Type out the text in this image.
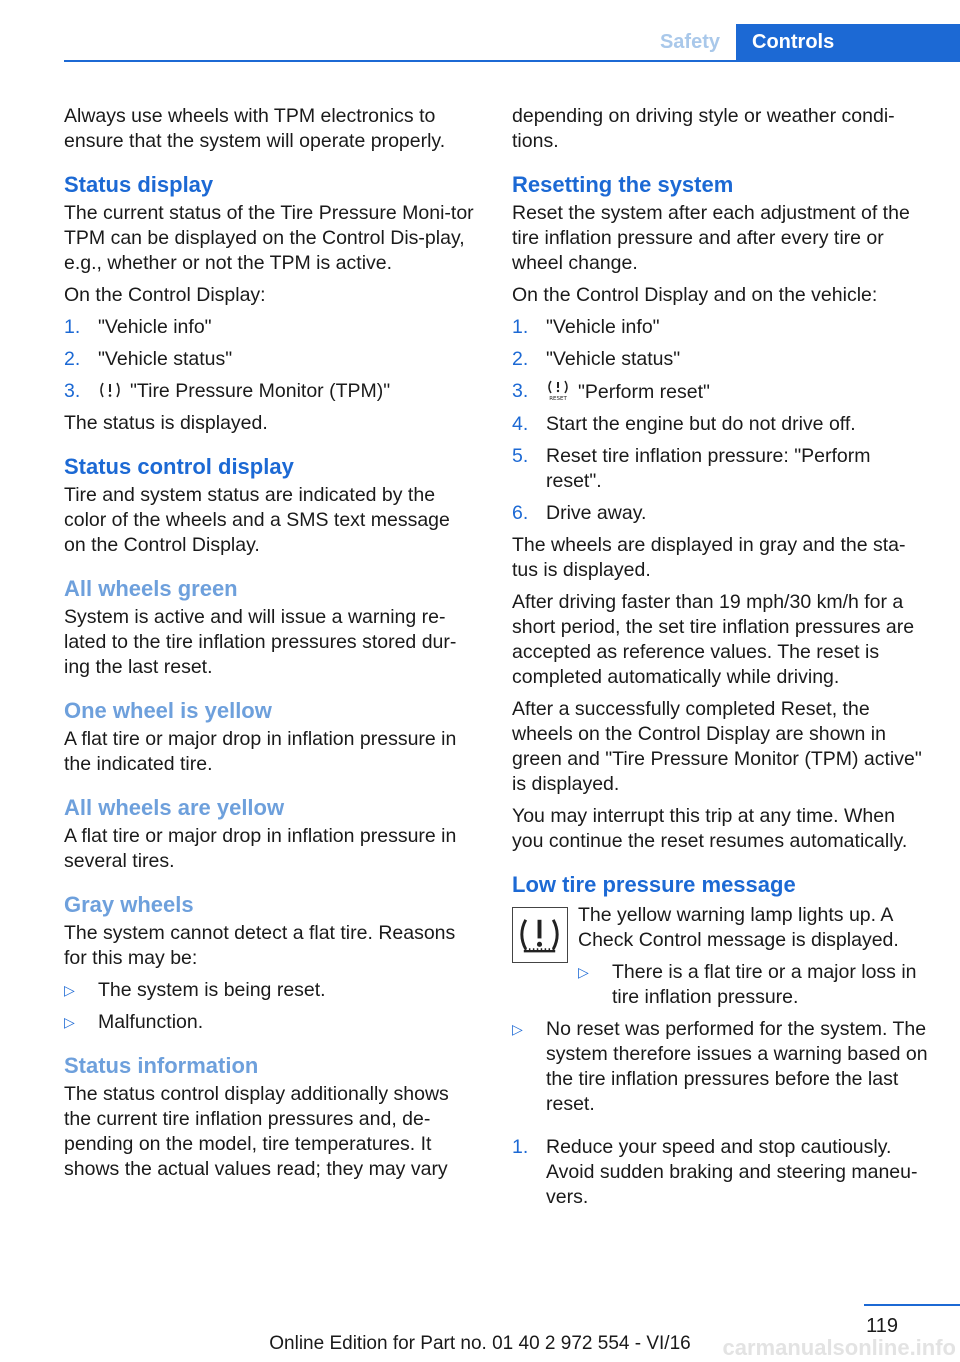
Safety	Controls

Always use wheels with TPM electronics to ensure that the system will operate properly.

Status display

The current status of the Tire Pressure Moni‐tor TPM can be displayed on the Control Dis‐play, e.g., whether or not the TPM is active.

On the Control Display:

1. "Vehicle info"
2. "Vehicle status"
3.	"Tire Pressure Monitor (TPM)"

The status is displayed.

Status control display

Tire and system status are indicated by the color of the wheels and a SMS text message on the Control Display.

All wheels green

System is active and will issue a warning re‐lated to the tire inflation pressures stored dur‐ing the last reset.

One wheel is yellow

A flat tire or major drop in inflation pressure in the indicated tire.

All wheels are yellow

A flat tire or major drop in inflation pressure in several tires.

Gray wheels

The system cannot detect a flat tire. Reasons for this may be:

▷ The system is being reset.
▷ Malfunction.
Status information

The status control display additionally shows the current tire inflation pressures and, de‐pending on the model, tire temperatures. It shows the actual values read; they may vary

depending on driving style or weather condi‐tions.

Resetting the system

Reset the system after each adjustment of the tire inflation pressure and after every tire or wheel change.

On the Control Display and on the vehicle:

1. "Vehicle info"
2. "Vehicle status"
3.	RESET "Perform reset"
4. Start the engine but do not drive off.
5. Reset tire inflation pressure: "Perform reset".
6. Drive away.

The wheels are displayed in gray and the sta‐tus is displayed.

After driving faster than 19 mph/30 km/h for a short period, the set tire inflation pressures are accepted as reference values. The reset is completed automatically while driving.

After a successfully completed Reset, the wheels on the Control Display are shown in green and "Tire Pressure Monitor (TPM) active" is displayed.

You may interrupt this trip at any time. When you continue the reset resumes automatically.

Low tire pressure message

The yellow warning lamp lights up. A Check Control message is displayed.

▷ There is a flat tire or a major loss in tire inflation pressure.
▷ No reset was performed for the system. The system therefore issues a warning based on the tire inflation pressures before the last reset.
1. Reduce your speed and stop cautiously. Avoid sudden braking and steering maneu‐vers.
119
Online Edition for Part no. 01 40 2 972 554 - VI/16	carmanualsonline.info
